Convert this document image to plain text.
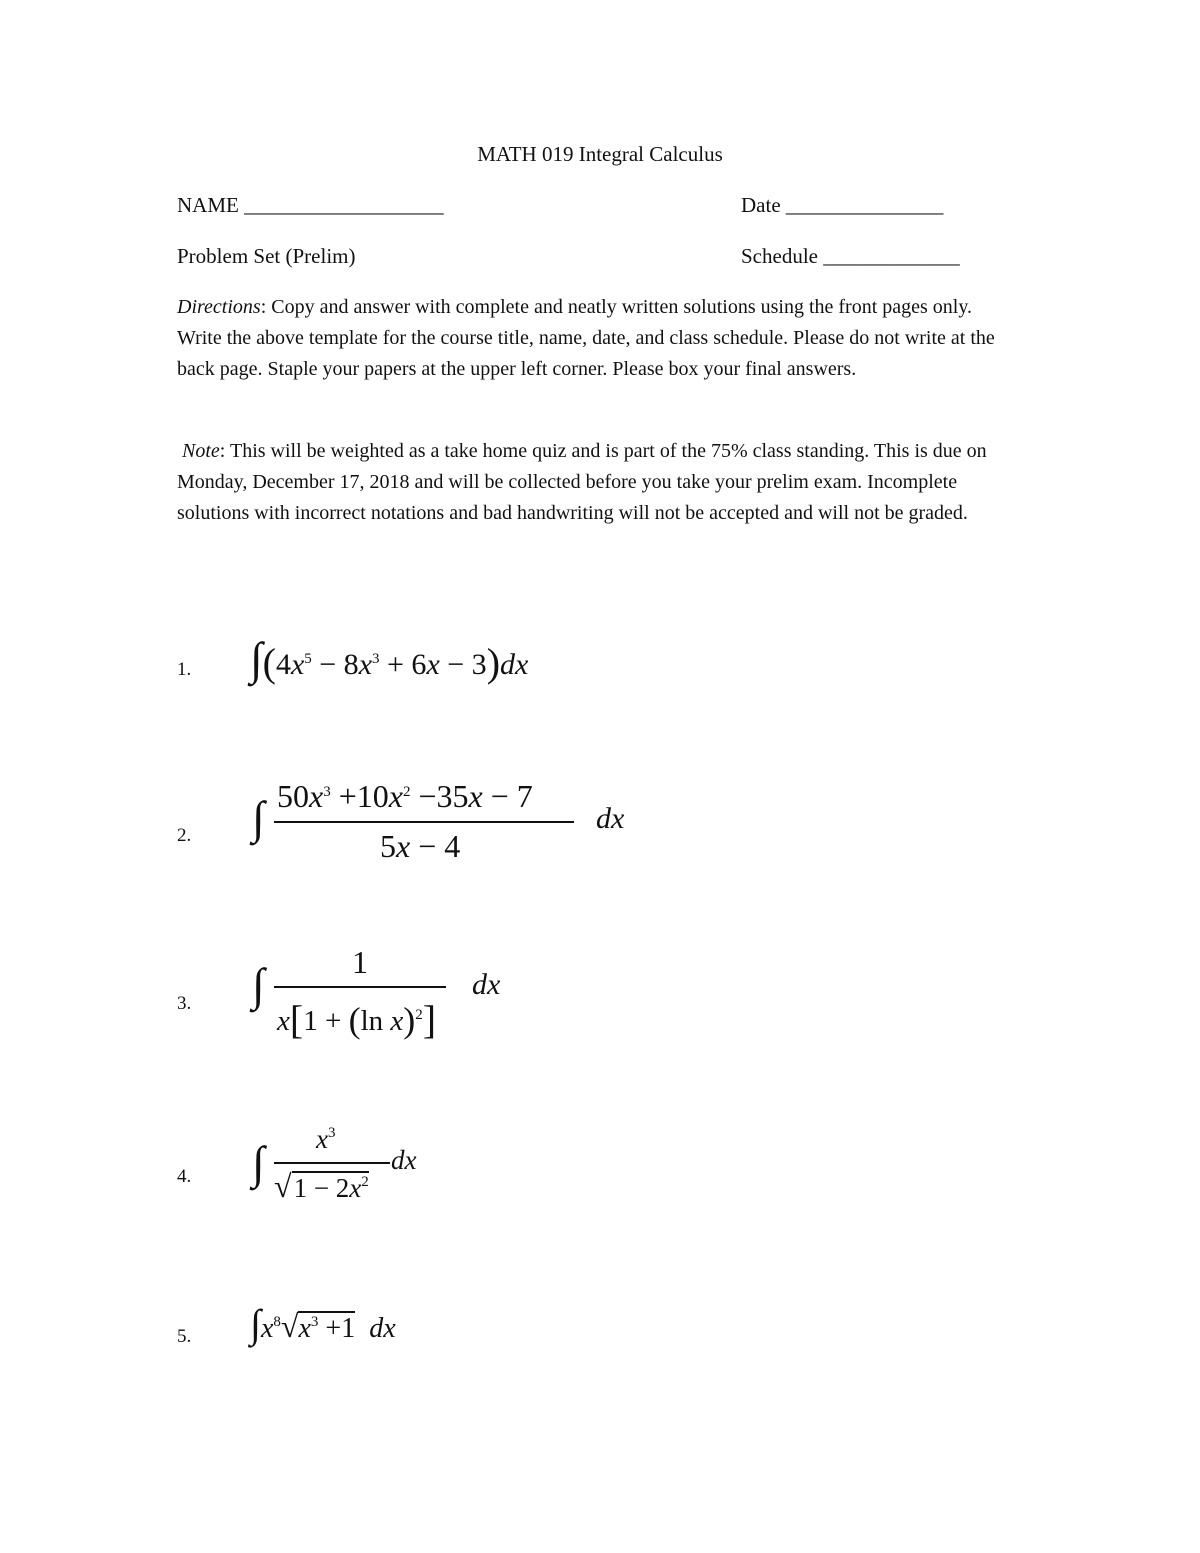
MATH 019 Integral Calculus
NAME ___________________	Date _______________
Problem Set (Prelim)	Schedule _____________
Directions: Copy and answer with complete and neatly written solutions using the front pages only. Write the above template for the course title, name, date, and class schedule. Please do not write at the back page. Staple your papers at the upper left corner. Please box your final answers.
Note: This will be weighted as a take home quiz and is part of the 75% class standing. This is due on Monday, December 17, 2018 and will be collected before you take your prelim exam. Incomplete solutions with incorrect notations and bad handwriting will not be accepted and will not be graded.
1.
2.
3.
4.
5.
$\int(4x^5 - 8x^3 + 6x - 3)dx$
∫ $50x^3 +10x^2 -35x - 7$
5x − 4
dx
∫	1
x[1 + (ln x)$^2$]
dx
∫ $x^3$
$√1 - 2x^2$
dx
$\int x^8√x^3 +1$ dx
